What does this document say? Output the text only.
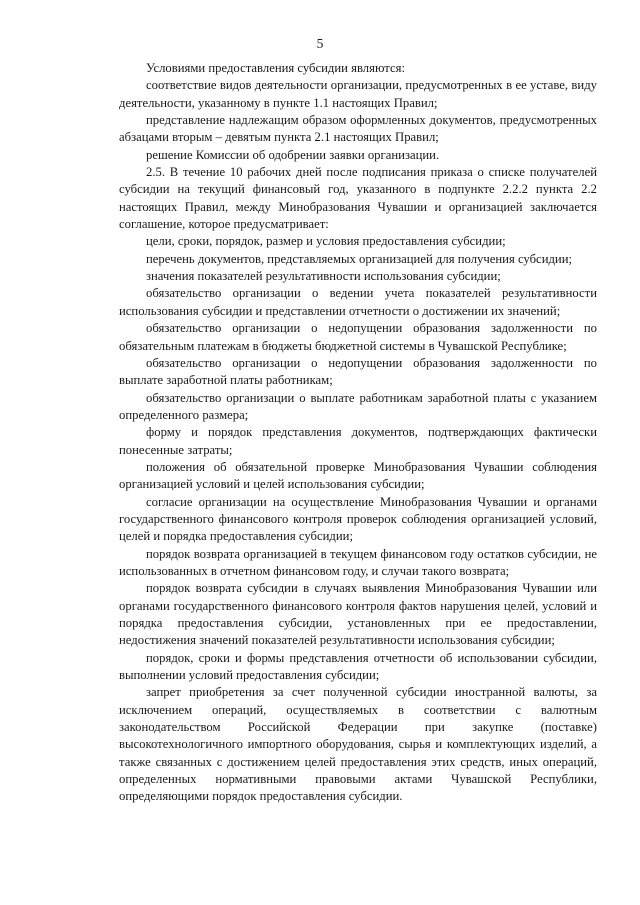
5

Условиями предоставления субсидии являются:

соответствие видов деятельности организации, предусмотренных в ее уставе, виду деятельности, указанному в пункте 1.1 настоящих Правил;

представление надлежащим образом оформленных документов, предусмотренных абзацами вторым – девятым пункта 2.1 настоящих Правил;

решение Комиссии об одобрении заявки организации.

2.5. В течение 10 рабочих дней после подписания приказа о списке получателей субсидии на текущий финансовый год, указанного в подпункте 2.2.2 пункта 2.2 настоящих Правил, между Минобразования Чувашии и организацией заключается соглашение, которое предусматривает:

цели, сроки, порядок, размер и условия предоставления субсидии;

перечень документов, представляемых организацией для получения субсидии;

значения показателей результативности использования субсидии;

обязательство организации о ведении учета показателей результативности использования субсидии и представлении отчетности о достижении их значений;

обязательство организации о недопущении образования задолженности по обязательным платежам в бюджеты бюджетной системы в Чувашской Республике;

обязательство организации о недопущении образования задолженности по выплате заработной платы работникам;

обязательство организации о выплате работникам заработной платы с указанием определенного размера;

форму и порядок представления документов, подтверждающих фактически понесенные затраты;

положения об обязательной проверке Минобразования Чувашии соблюдения организацией условий и целей использования субсидии;

согласие организации на осуществление Минобразования Чувашии и органами государственного финансового контроля проверок соблюдения организацией условий, целей и порядка предоставления субсидии;

порядок возврата организацией в текущем финансовом году остатков субсидии, не использованных в отчетном финансовом году, и случаи такого возврата;

порядок возврата субсидии в случаях выявления Минобразования Чувашии или органами государственного финансового контроля фактов нарушения целей, условий и порядка предоставления субсидии, установленных при ее предоставлении, недостижения значений показателей результативности использования субсидии;

порядок, сроки и формы представления отчетности об использовании субсидии, выполнении условий предоставления субсидии;

запрет приобретения за счет полученной субсидии иностранной валюты, за исключением операций, осуществляемых в соответствии с валютным законодательством Российской Федерации при закупке (поставке) высокотехнологичного импортного оборудования, сырья и комплектующих изделий, а также связанных с достижением целей предоставления этих средств, иных операций, определенных нормативными правовыми актами Чувашской Республики, определяющими порядок предоставления субсидии.
